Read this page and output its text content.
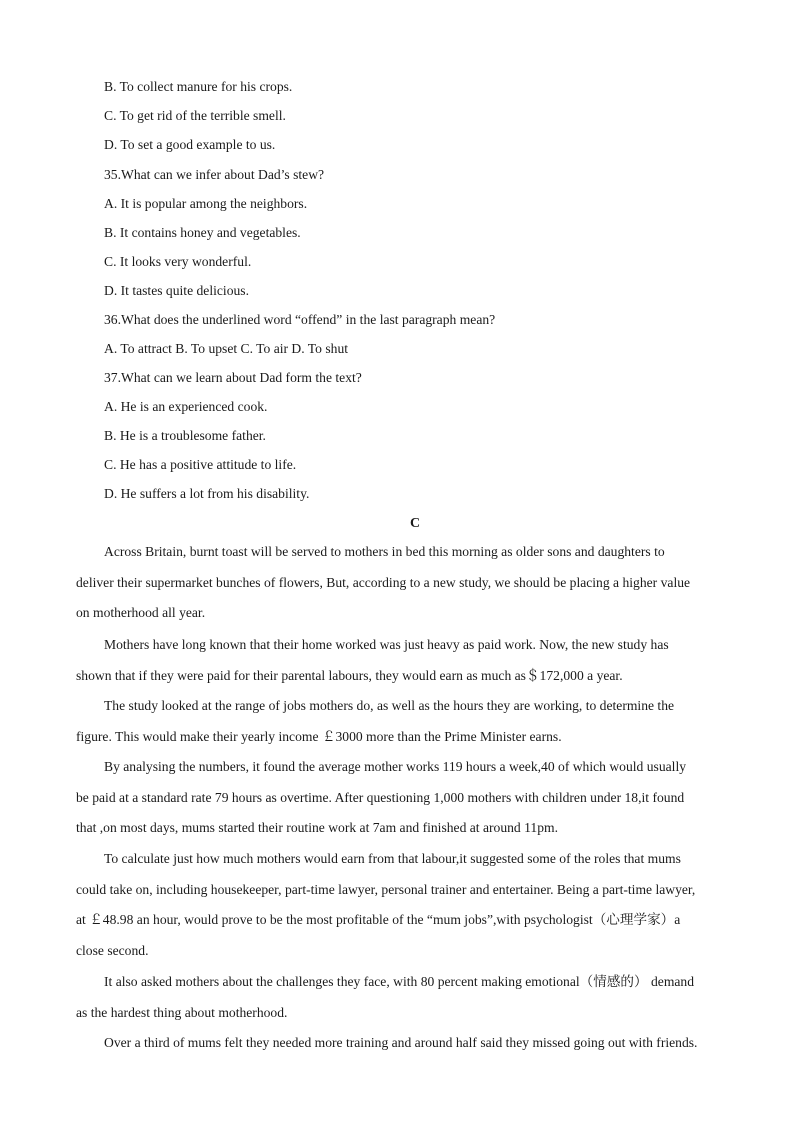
B. To collect manure for his crops.
C. To get rid of the terrible smell.
D. To set a good example to us.
35.What can we infer about Dad’s stew?
A. It is popular among the neighbors.
B. It contains honey and vegetables.
C. It looks very wonderful.
D. It tastes quite delicious.
36.What does the underlined word “offend” in the last paragraph mean?
A. To attract B. To upset C. To air D. To shut
37.What can we learn about Dad form the text?
A. He is an experienced cook.
B. He is a troublesome father.
C. He has a positive attitude to life.
D. He suffers a lot from his disability.
C
Across Britain, burnt toast will be served to mothers in bed this morning as older sons and daughters to
deliver their supermarket bunches of flowers, But, according to a new study, we should be placing a higher value
on motherhood all year.
Mothers have long known that their home worked was just heavy as paid work. Now, the new study has
shown that if they were paid for their parental labours, they would earn as much as＄172,000 a year.
The study looked at the range of jobs mothers do, as well as the hours they are working, to determine the
figure. This would make their yearly income ￡3000 more than the Prime Minister earns.
By analysing the numbers, it found the average mother works 119 hours a week,40 of which would usually
be paid at a standard rate 79 hours as overtime. After questioning 1,000 mothers with children under 18,it found
that ,on most days, mums started their routine work at 7am and finished at around 11pm.
To calculate just how much mothers would earn from that labour,it suggested some of the roles that mums
could take on, including housekeeper, part-time lawyer, personal trainer and entertainer. Being a part-time lawyer,
at ￡48.98 an hour, would prove to be the most profitable of the “mum jobs”,with psychologist（心理学家）a
close second.
It also asked mothers about the challenges they face, with 80 percent making emotional（情感的） demand
as the hardest thing about motherhood.
Over a third of mums felt they needed more training and around half said they missed going out with friends.
